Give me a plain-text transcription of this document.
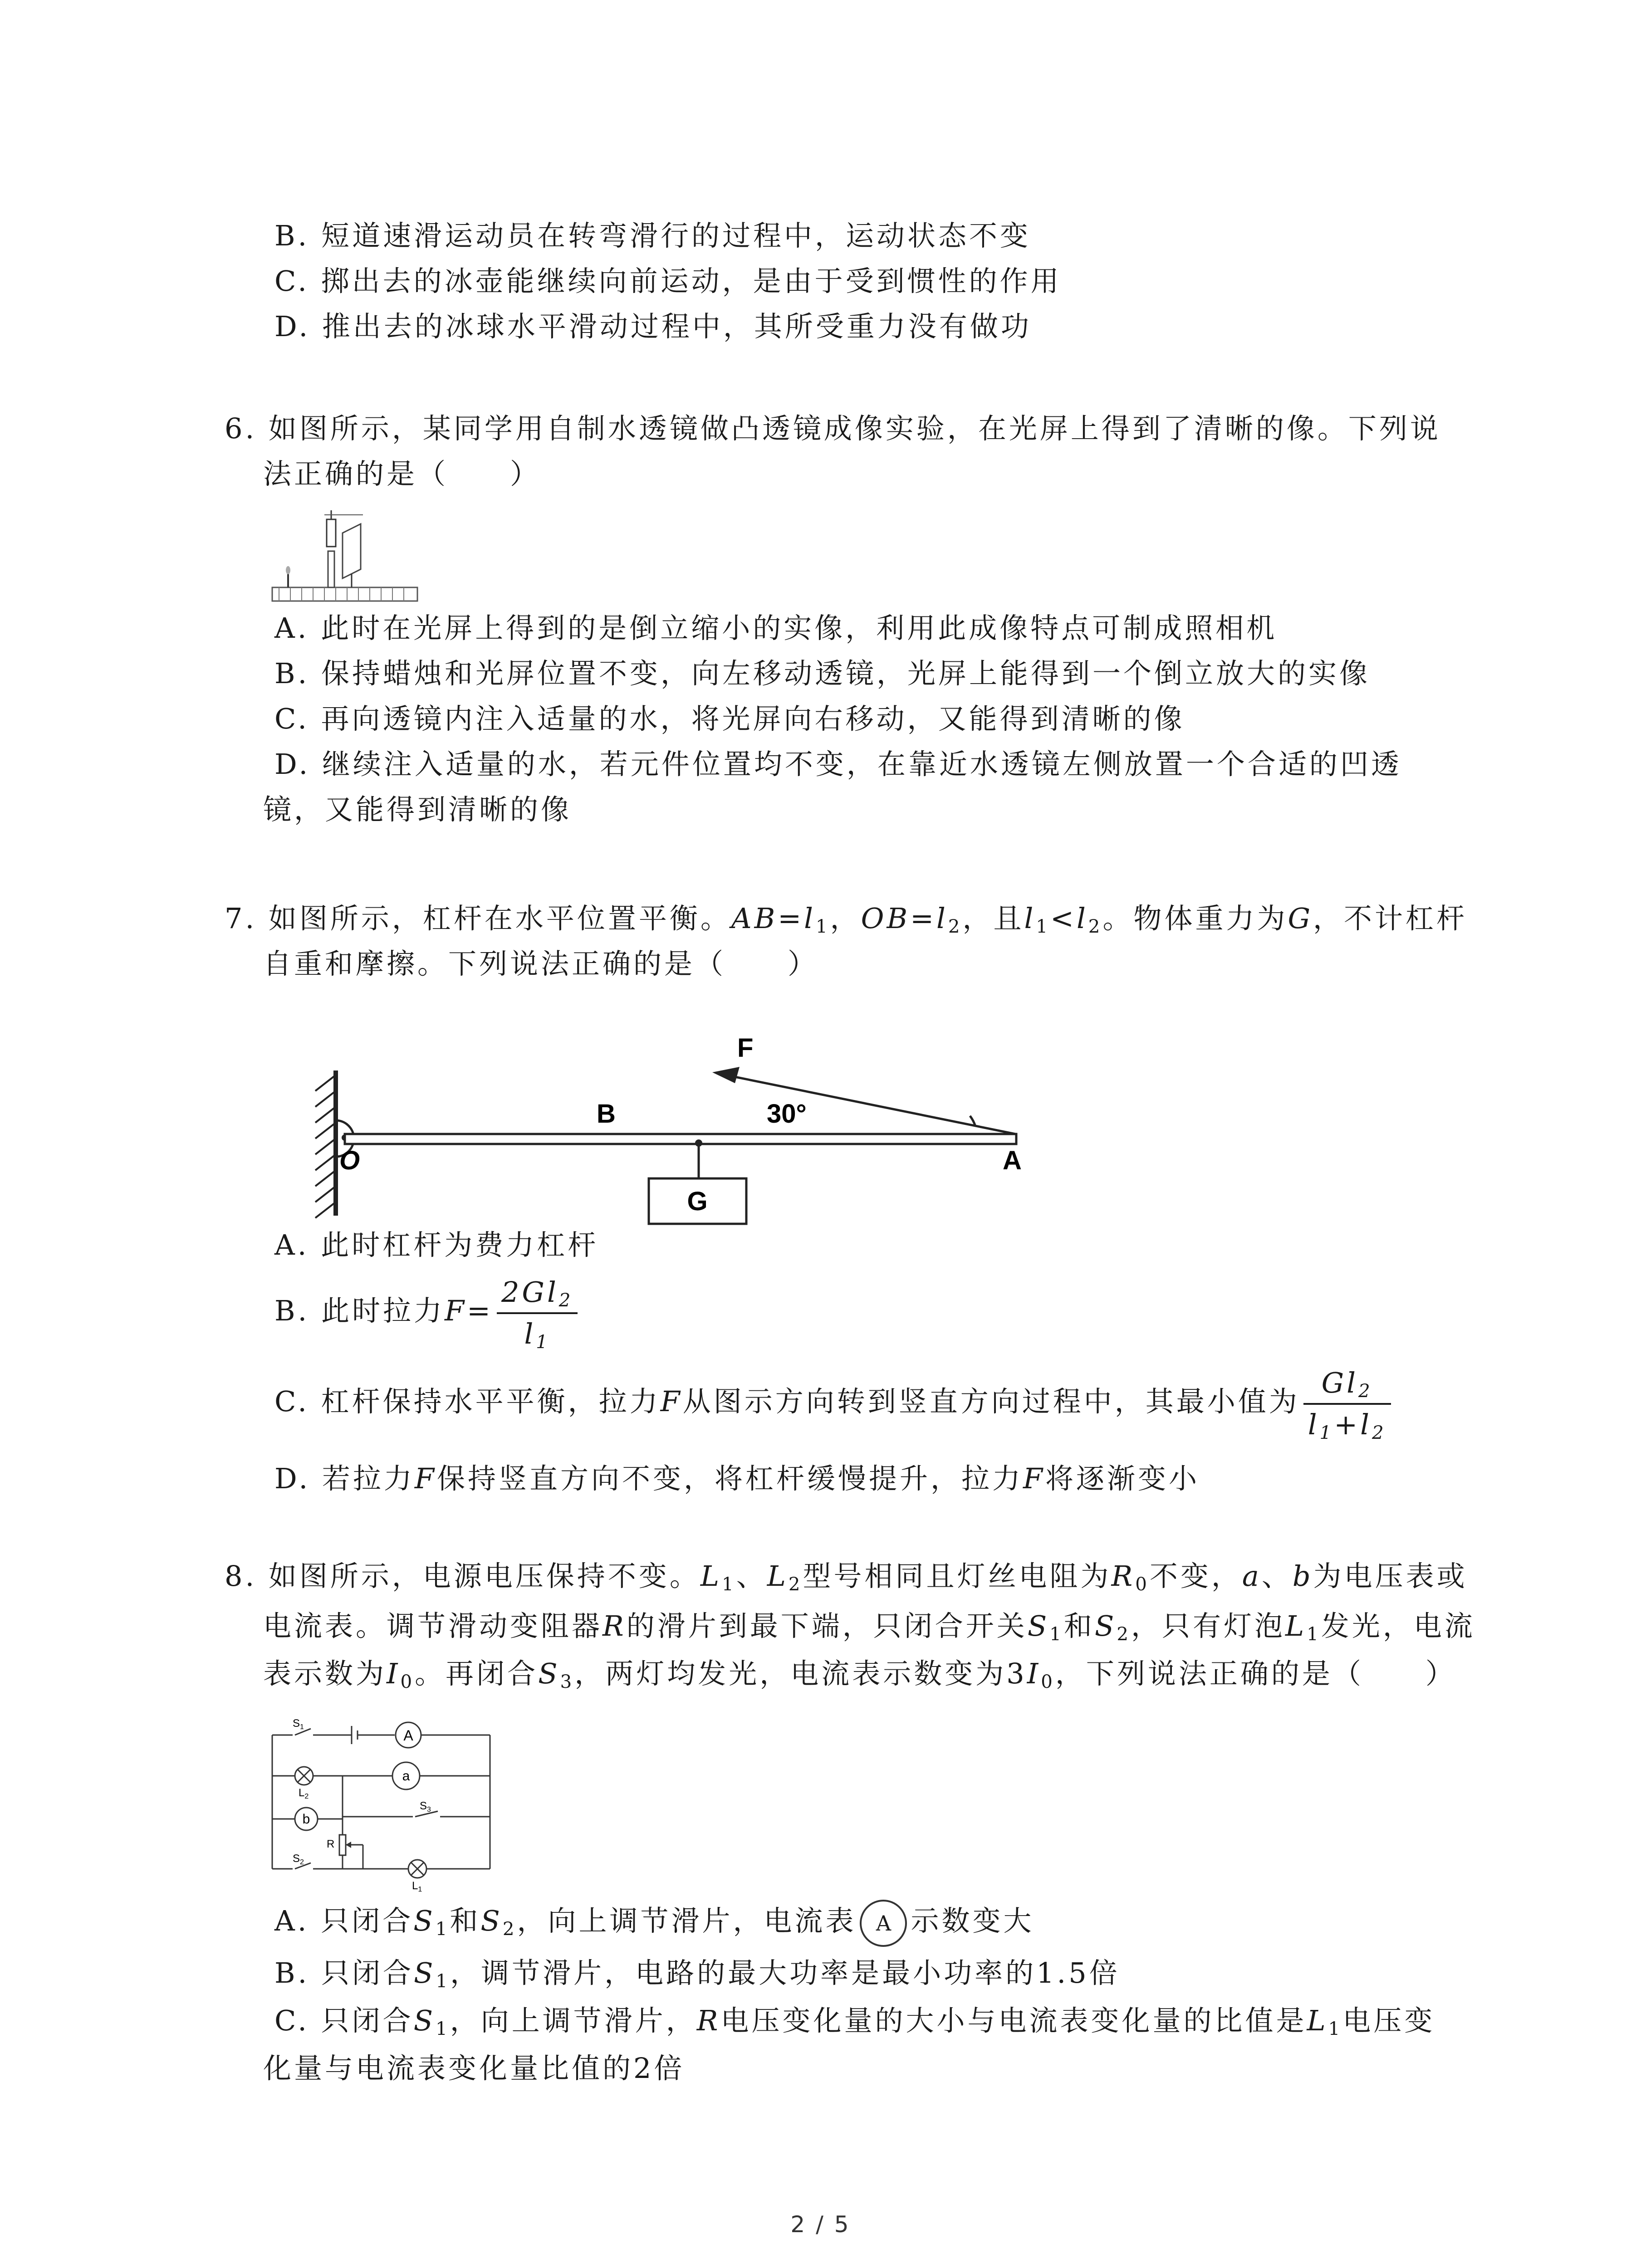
B. 短道速滑运动员在转弯滑行的过程中，运动状态不变
C. 掷出去的冰壶能继续向前运动，是由于受到惯性的作用
D. 推出去的冰球水平滑动过程中，其所受重力没有做功
6. 如图所示，某同学用自制水透镜做凸透镜成像实验，在光屏上得到了清晰的像。下列说
法正确的是（　　）
A. 此时在光屏上得到的是倒立缩小的实像，利用此成像特点可制成照相机
B. 保持蜡烛和光屏位置不变，向左移动透镜，光屏上能得到一个倒立放大的实像
C. 再向透镜内注入适量的水，将光屏向右移动，又能得到清晰的像
D. 继续注入适量的水，若元件位置均不变，在靠近水透镜左侧放置一个合适的凹透
镜，又能得到清晰的像
7. 如图所示，杠杆在水平位置平衡。$AB=l_1$，$OB=l_2$，且$l_1<l_2$。物体重力为G，不计杠杆
自重和摩擦。下列说法正确的是（　　）
G
F
30°
B
O	A
A. 此时杠杆为费力杠杆
B. 此时拉力$F= \frac{2Gl_2}{l_1}$
C. 杠杆保持水平平衡，拉力F从图示方向转到竖直方向过程中，其最小值为 $\frac{Gl_2}{l_1+l_2}$
D. 若拉力F保持竖直方向不变，将杠杆缓慢提升，拉力F将逐渐变小
8. 如图所示，电源电压保持不变。$L_1$、$L_2$型号相同且灯丝电阻为$R_0$不变，a、b为电压表或
电流表。调节滑动变阻器R的滑片到最下端，只闭合开关$S_1$和$S_2$，只有灯泡$L_1$发光，电流
表示数为$I_0$。再闭合$S_3$，两灯均发光，电流表示数变为$3I_0$，下列说法正确的是（　　）
A
a
b
$S_1$
$S_2$
$S_3$
$L_2$
$L_1$
R
A. 只闭合$S_1$和$S_2$，向上调节滑片，电流表 A 示数变大
B. 只闭合$S_1$，调节滑片，电路的最大功率是最小功率的1.5倍
C. 只闭合$S_1$，向上调节滑片，R电压变化量的大小与电流表变化量的比值是$L_1$电压变
化量与电流表变化量比值的2倍
2 / 5
